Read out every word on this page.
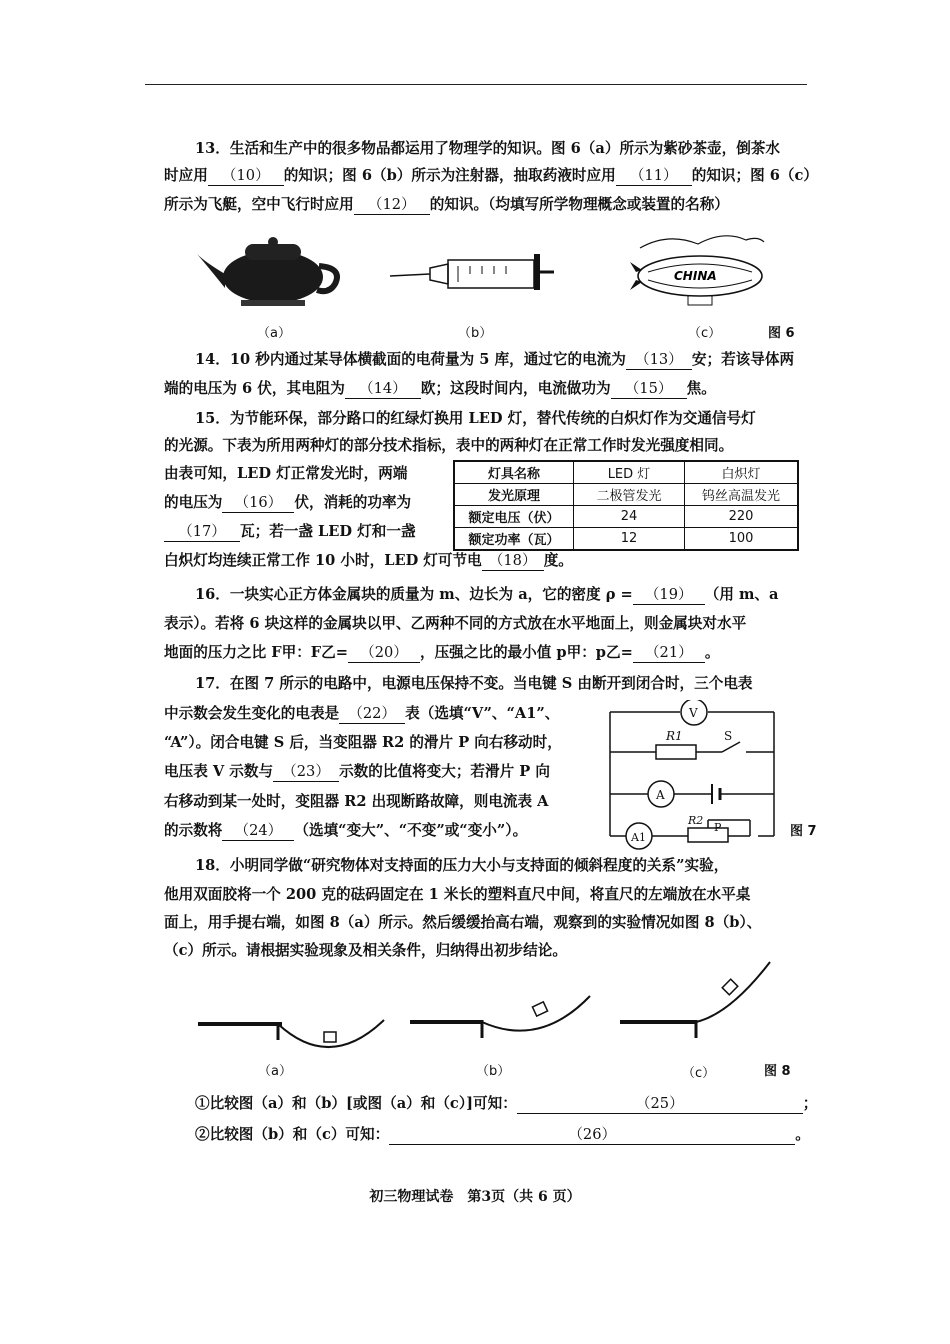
13．生活和生产中的很多物品都运用了物理学的知识。图 6（a）所示为紫砂茶壶，倒茶水
时应用 （10） 的知识；图 6（b）所示为注射器，抽取药液时应用 （11） 的知识；图 6（c）
所示为飞艇，空中飞行时应用 （12） 的知识。（均填写所学物理概念或装置的名称）
CHINA
（a）	（b）	（c）	图 6
14．10 秒内通过某导体横截面的电荷量为 5 库，通过它的电流为 （13） 安；若该导体两
端的电压为 6 伏，其电阻为 （14） 欧；这段时间内，电流做功为 （15） 焦。
15．为节能环保，部分路口的红绿灯换用 LED 灯，替代传统的白炽灯作为交通信号灯
的光源。下表为所用两种灯的部分技术指标，表中的两种灯在正常工作时发光强度相同。
由表可知，LED 灯正常发光时，两端
的电压为 （16） 伏，消耗的功率为
（17） 瓦；若一盏 LED 灯和一盏
白炽灯均连续正常工作 10 小时，LED 灯可节电 （18） 度。
灯具名称	LED 灯	白炽灯
发光原理	二极管发光	钨丝高温发光
额定电压（伏）	24	220
额定功率（瓦）	12	100
16．一块实心正方体金属块的质量为 m、边长为 a，它的密度 ρ = （19） （用 m、a
表示）。若将 6 块这样的金属块以甲、乙两种不同的方式放在水平地面上，则金属块对水平
地面的压力之比 F甲：F乙= （20） ，压强之比的最小值 p甲：p乙= （21） 。
17．在图 7 所示的电路中，电源电压保持不变。当电键 S 由断开到闭合时，三个电表
中示数会发生变化的电表是 （22） 表（选填“V”、“A1”、
“A”）。闭合电键 S 后，当变阻器 R2 的滑片 P 向右移动时，
电压表 V 示数与 （23） 示数的比值将变大；若滑片 P 向
右移动到某一处时，变阻器 R2 出现断路故障，则电流表 A
的示数将 （24） （选填“变大”、“不变”或“变小”）。
V
A
A1
R1	S
R2
P	图 7
18．小明同学做“研究物体对支持面的压力大小与支持面的倾斜程度的关系”实验，
他用双面胶将一个 200 克的砝码固定在 1 米长的塑料直尺中间，将直尺的左端放在水平桌
面上，用手提右端，如图 8（a）所示。然后缓缓抬高右端，观察到的实验情况如图 8（b）、
（c）所示。请根据实验现象及相关条件，归纳得出初步结论。
（a）	（b）	（c）	图 8
①比较图（a）和（b）[或图（a）和（c）]可知：	（25）	；
②比较图（b）和（c）可知：	（26）	。
初三物理试卷　第3页（共 6 页）
